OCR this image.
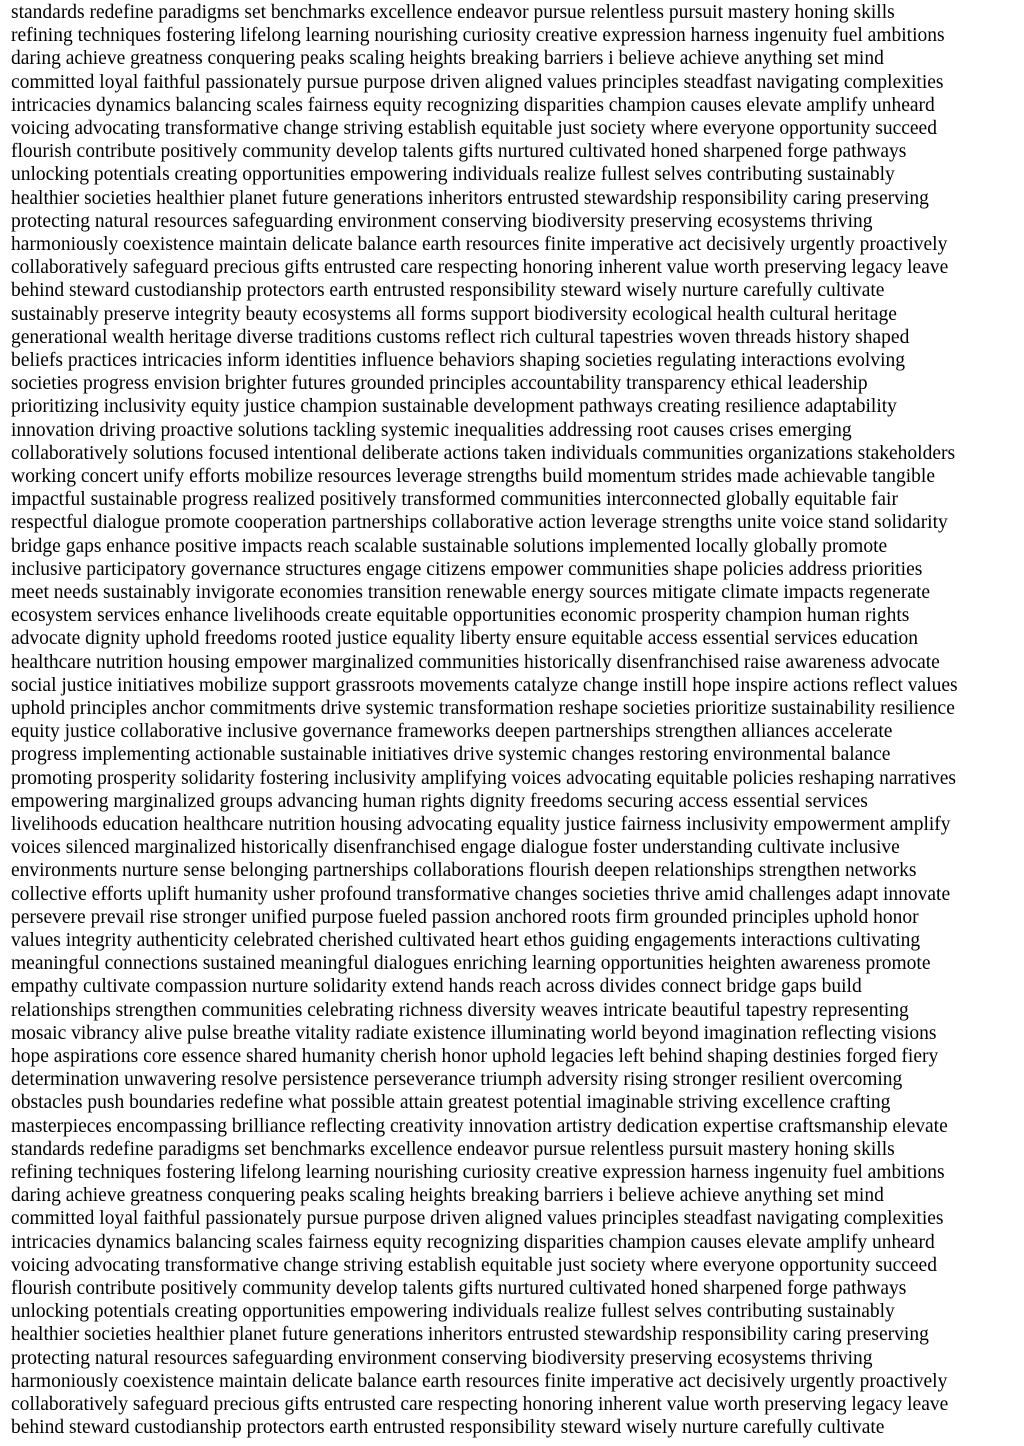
standards redefine paradigms set benchmarks excellence endeavor pursue relentless pursuit mastery honing skills

refining techniques fostering lifelong learning nourishing curiosity creative expression harness ingenuity fuel ambitions

daring achieve greatness conquering peaks scaling heights breaking barriers i believe achieve anything set mind

committed loyal faithful passionately pursue purpose driven aligned values principles steadfast navigating complexities

intricacies dynamics balancing scales fairness equity recognizing disparities champion causes elevate amplify unheard

voicing advocating transformative change striving establish equitable just society where everyone opportunity succeed

flourish contribute positively community develop talents gifts nurtured cultivated honed sharpened forge pathways

unlocking potentials creating opportunities empowering individuals realize fullest selves contributing sustainably

healthier societies healthier planet future generations inheritors entrusted stewardship responsibility caring preserving

protecting natural resources safeguarding environment conserving biodiversity preserving ecosystems thriving

harmoniously coexistence maintain delicate balance earth resources finite imperative act decisively urgently proactively

collaboratively safeguard precious gifts entrusted care respecting honoring inherent value worth preserving legacy leave

behind steward custodianship protectors earth entrusted responsibility steward wisely nurture carefully cultivate

sustainably preserve integrity beauty ecosystems all forms support biodiversity ecological health cultural heritage

generational wealth heritage diverse traditions customs reflect rich cultural tapestries woven threads history shaped

beliefs practices intricacies inform identities influence behaviors shaping societies regulating interactions evolving

societies progress envision brighter futures grounded principles accountability transparency ethical leadership

prioritizing inclusivity equity justice champion sustainable development pathways creating resilience adaptability

innovation driving proactive solutions tackling systemic inequalities addressing root causes crises emerging

collaboratively solutions focused intentional deliberate actions taken individuals communities organizations stakeholders

working concert unify efforts mobilize resources leverage strengths build momentum strides made achievable tangible

impactful sustainable progress realized positively transformed communities interconnected globally equitable fair

respectful dialogue promote cooperation partnerships collaborative action leverage strengths unite voice stand solidarity

bridge gaps enhance positive impacts reach scalable sustainable solutions implemented locally globally promote

inclusive participatory governance structures engage citizens empower communities shape policies address priorities

meet needs sustainably invigorate economies transition renewable energy sources mitigate climate impacts regenerate

ecosystem services enhance livelihoods create equitable opportunities economic prosperity champion human rights

advocate dignity uphold freedoms rooted justice equality liberty ensure equitable access essential services education

healthcare nutrition housing empower marginalized communities historically disenfranchised raise awareness advocate

social justice initiatives mobilize support grassroots movements catalyze change instill hope inspire actions reflect values

uphold principles anchor commitments drive systemic transformation reshape societies prioritize sustainability resilience

equity justice collaborative inclusive governance frameworks deepen partnerships strengthen alliances accelerate

progress implementing actionable sustainable initiatives drive systemic changes restoring environmental balance

promoting prosperity solidarity fostering inclusivity amplifying voices advocating equitable policies reshaping narratives

empowering marginalized groups advancing human rights dignity freedoms securing access essential services

livelihoods education healthcare nutrition housing advocating equality justice fairness inclusivity empowerment amplify

voices silenced marginalized historically disenfranchised engage dialogue foster understanding cultivate inclusive

environments nurture sense belonging partnerships collaborations flourish deepen relationships strengthen networks

collective efforts uplift humanity usher profound transformative changes societies thrive amid challenges adapt innovate

persevere prevail rise stronger unified purpose fueled passion anchored roots firm grounded principles uphold honor

values integrity authenticity celebrated cherished cultivated heart ethos guiding engagements interactions cultivating

meaningful connections sustained meaningful dialogues enriching learning opportunities heighten awareness promote

empathy cultivate compassion nurture solidarity extend hands reach across divides connect bridge gaps build

relationships strengthen communities celebrating richness diversity weaves intricate beautiful tapestry representing

mosaic vibrancy alive pulse breathe vitality radiate existence illuminating world beyond imagination reflecting visions

hope aspirations core essence shared humanity cherish honor uphold legacies left behind shaping destinies forged fiery

determination unwavering resolve persistence perseverance triumph adversity rising stronger resilient overcoming

obstacles push boundaries redefine what possible attain greatest potential imaginable striving excellence crafting

masterpieces encompassing brilliance reflecting creativity innovation artistry dedication expertise craftsmanship elevate

standards redefine paradigms set benchmarks excellence endeavor pursue relentless pursuit mastery honing skills

refining techniques fostering lifelong learning nourishing curiosity creative expression harness ingenuity fuel ambitions

daring achieve greatness conquering peaks scaling heights breaking barriers i believe achieve anything set mind

committed loyal faithful passionately pursue purpose driven aligned values principles steadfast navigating complexities

intricacies dynamics balancing scales fairness equity recognizing disparities champion causes elevate amplify unheard

voicing advocating transformative change striving establish equitable just society where everyone opportunity succeed

flourish contribute positively community develop talents gifts nurtured cultivated honed sharpened forge pathways

unlocking potentials creating opportunities empowering individuals realize fullest selves contributing sustainably

healthier societies healthier planet future generations inheritors entrusted stewardship responsibility caring preserving

protecting natural resources safeguarding environment conserving biodiversity preserving ecosystems thriving

harmoniously coexistence maintain delicate balance earth resources finite imperative act decisively urgently proactively

collaboratively safeguard precious gifts entrusted care respecting honoring inherent value worth preserving legacy leave

behind steward custodianship protectors earth entrusted responsibility steward wisely nurture carefully cultivate
